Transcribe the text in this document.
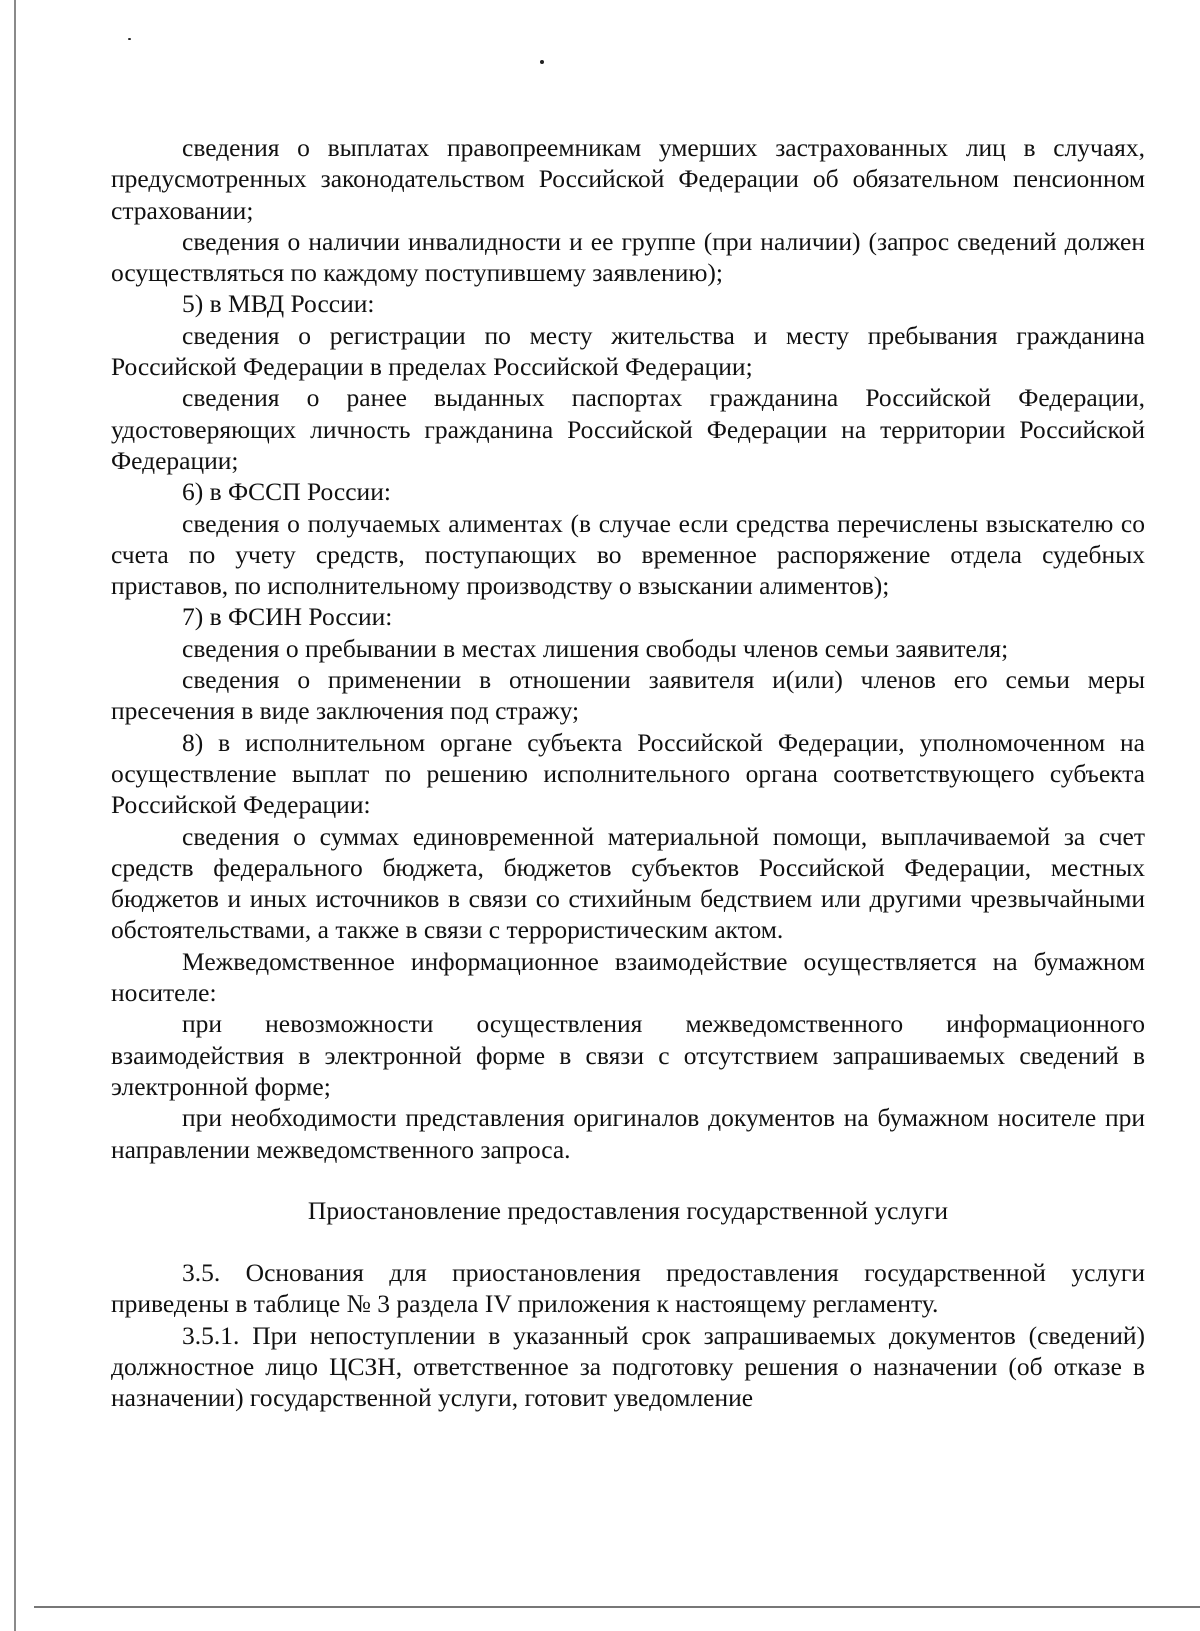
сведения о выплатах правопреемникам умерших застрахованных лиц в случаях, предусмотренных законодательством Российской Федерации об обязательном пенсионном страховании;

сведения о наличии инвалидности и ее группе (при наличии) (запрос сведений должен осуществляться по каждому поступившему заявлению);

5) в МВД России:

сведения о регистрации по месту жительства и месту пребывания гражданина Российской Федерации в пределах Российской Федерации;

сведения о ранее выданных паспортах гражданина Российской Федерации, удостоверяющих личность гражданина Российской Федерации на территории Российской Федерации;

6) в ФССП России:

сведения о получаемых алиментах (в случае если средства перечислены взыскателю со счета по учету средств, поступающих во временное распоряжение отдела судебных приставов, по исполнительному производству о взыскании алиментов);

7) в ФСИН России:

сведения о пребывании в местах лишения свободы членов семьи заявителя;

сведения о применении в отношении заявителя и(или) членов его семьи меры пресечения в виде заключения под стражу;

8) в исполнительном органе субъекта Российской Федерации, уполномоченном на осуществление выплат по решению исполнительного органа соответствующего субъекта Российской Федерации:

сведения о суммах единовременной материальной помощи, выплачиваемой за счет средств федерального бюджета, бюджетов субъектов Российской Федерации, местных бюджетов и иных источников в связи со стихийным бедствием или другими чрезвычайными обстоятельствами, а также в связи с террористическим актом.

Межведомственное информационное взаимодействие осуществляется на бумажном носителе:

при невозможности осуществления межведомственного информационного взаимодействия в электронной форме в связи с отсутствием запрашиваемых сведений в электронной форме;

при необходимости представления оригиналов документов на бумажном носителе при направлении межведомственного запроса.

Приостановление предоставления государственной услуги

3.5. Основания для приостановления предоставления государственной услуги приведены в таблице № 3 раздела IV приложения к настоящему регламенту.

3.5.1. При непоступлении в указанный срок запрашиваемых документов (сведений) должностное лицо ЦСЗН, ответственное за подготовку решения о назначении (об отказе в назначении) государственной услуги, готовит уведомление
